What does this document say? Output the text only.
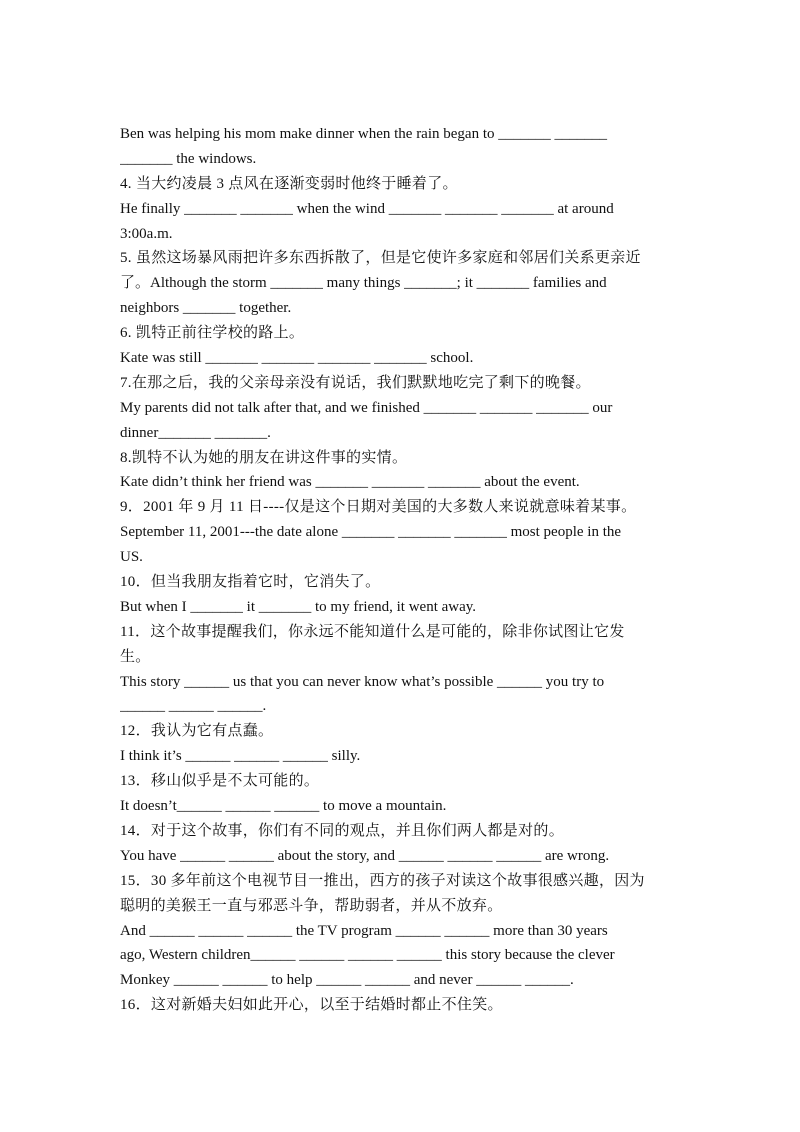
Ben was helping his mom make dinner when the rain began to _______ _______
_______ the windows.
4. 当大约凌晨 3 点风在逐渐变弱时他终于睡着了。
He finally _______ _______ when the wind _______ _______ _______ at around
3:00a.m.
5. 虽然这场暴风雨把许多东西拆散了，但是它使许多家庭和邻居们关系更亲近
了。Although the storm _______ many things _______; it _______ families and
neighbors _______ together.
6. 凯特正前往学校的路上。
Kate was still _______ _______ _______ _______ school.
7.在那之后，我的父亲母亲没有说话，我们默默地吃完了剩下的晚餐。
My parents did not talk after that, and we finished _______ _______ _______ our
dinner_______ _______.
8.凯特不认为她的朋友在讲这件事的实情。
Kate didn’t think her friend was _______ _______ _______ about the event.
9．2001 年 9 月 11 日----仅是这个日期对美国的大多数人来说就意味着某事。
September 11, 2001---the date alone _______ _______ _______ most people in the
US.
10．但当我朋友指着它时，它消失了。
But when I _______ it _______ to my friend, it went away.
11．这个故事提醒我们，你永远不能知道什么是可能的，除非你试图让它发
生。
This story ______ us that you can never know what’s possible ______ you try to
______ ______ ______.
12．我认为它有点蠢。
I think it’s ______ ______ ______ silly.
13．移山似乎是不太可能的。
It doesn’t______ ______ ______ to move a mountain.
14．对于这个故事，你们有不同的观点，并且你们两人都是对的。
You have ______ ______ about the story, and ______ ______ ______ are wrong.
15．30 多年前这个电视节目一推出，西方的孩子对读这个故事很感兴趣，因为
聪明的美猴王一直与邪恶斗争，帮助弱者，并从不放弃。
And ______ ______ ______ the TV program ______ ______ more than 30 years
ago, Western children______ ______ ______ ______ this story because the clever
Monkey ______ ______ to help ______ ______ and never ______ ______.
16．这对新婚夫妇如此开心，以至于结婚时都止不住笑。
